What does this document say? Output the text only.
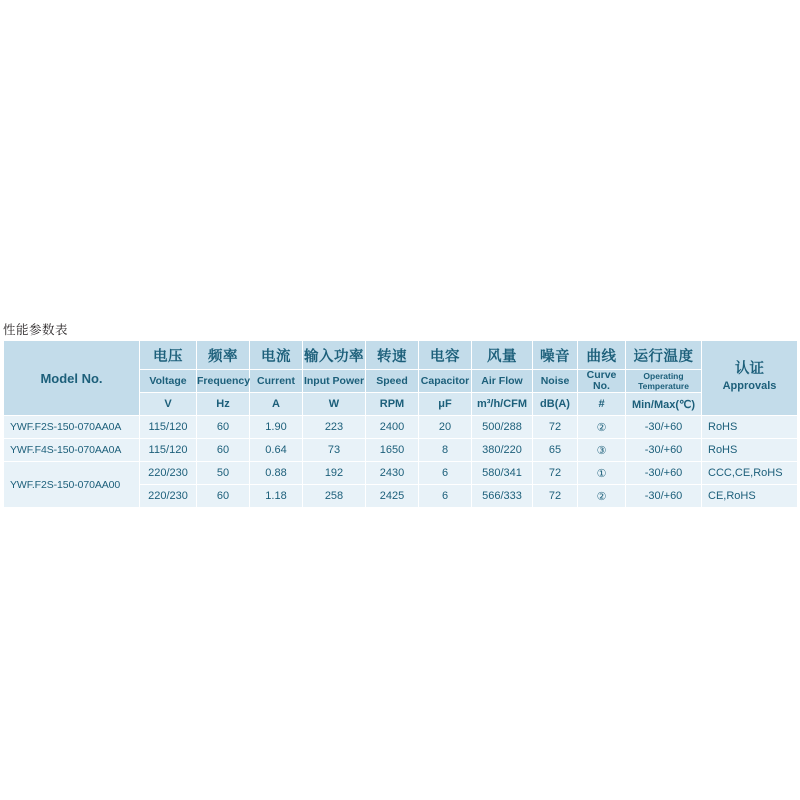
性能参数表
Model No.	电压	频率	电流	输入功率	转速	电容	风量	噪音	曲线	运行温度	认证
Approvals

	Voltage	Frequency	Current	Input Power	Speed	Capacitor	Air Flow	Noise	Curve No.	Operating Temperature	

	V	Hz	A	W	RPM	μF	m³/h/CFM	dB(A)	#	Min/Max(℃)	
YWF.F2S-150-070AA0A	115/120	60	1.90	223	2400	20	500/288	72	②	-30/+60	RoHS
YWF.F4S-150-070AA0A	115/120	60	0.64	73	1650	8	380/220	65	③	-30/+60	RoHS
YWF.F2S-150-070AA00	220/230	50	0.88	192	2430	6	580/341	72	①	-30/+60	CCC,CE,RoHS
	220/230	60	1.18	258	2425	6	566/333	72	②	-30/+60	CE,RoHS
